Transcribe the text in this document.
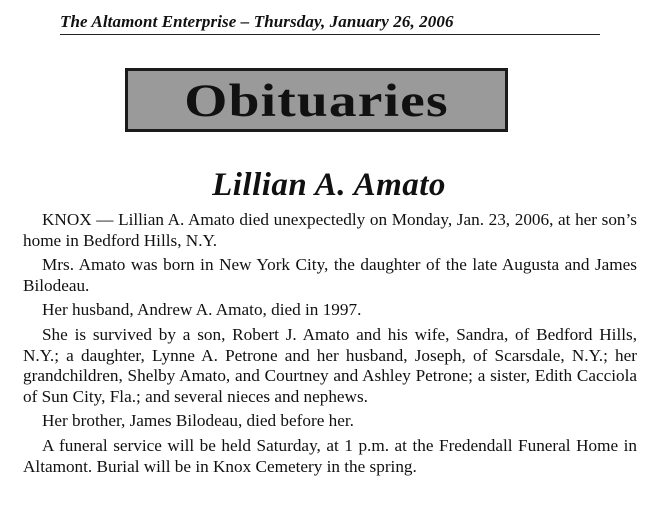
The Altamont Enterprise – Thursday, January 26, 2006
Obituaries
Lillian A. Amato

KNOX — Lillian A. Amato died unexpectedly on Monday, Jan. 23, 2006, at her son’s home in Bedford Hills, N.Y.

Mrs. Amato was born in New York City, the daughter of the late Augusta and James Bilodeau.

Her husband, Andrew A. Amato, died in 1997.

She is survived by a son, Robert J. Amato and his wife, Sandra, of Bedford Hills, N.Y.; a daughter, Lynne A. Petrone and her husband, Joseph, of Scarsdale, N.Y.; her grandchildren, Shelby Amato, and Courtney and Ashley Petrone; a sister, Edith Cacciola of Sun City, Fla.; and several nieces and nephews.

Her brother, James Bilodeau, died before her.

A funeral service will be held Saturday, at 1 p.m. at the Fredendall Funeral Home in Altamont. Burial will be in Knox Cemetery in the spring.
